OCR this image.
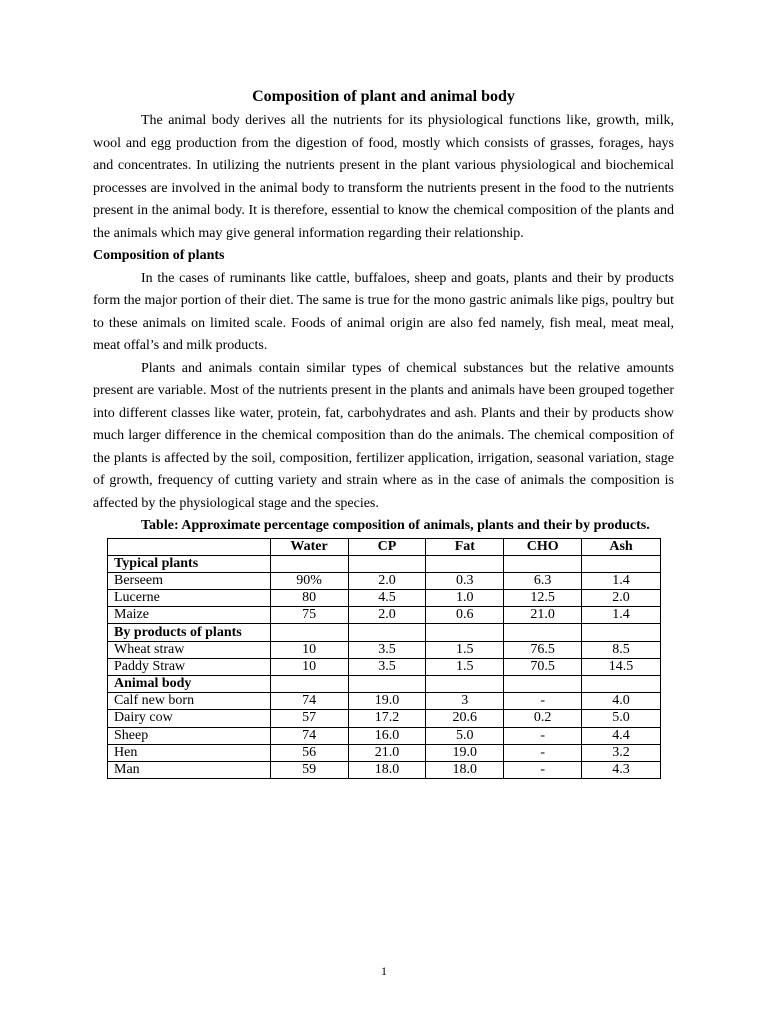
Composition of plant and animal body

The animal body derives all the nutrients for its physiological functions like, growth, milk, wool and egg production from the digestion of food, mostly which consists of grasses, forages, hays and concentrates. In utilizing the nutrients present in the plant various physiological and biochemical processes are involved in the animal body to transform the nutrients present in the food to the nutrients present in the animal body. It is therefore, essential to know the chemical composition of the plants and the animals which may give general information regarding their relationship.

Composition of plants

In the cases of ruminants like cattle, buffaloes, sheep and goats, plants and their by products form the major portion of their diet. The same is true for the mono gastric animals like pigs, poultry but to these animals on limited scale. Foods of animal origin are also fed namely, fish meal, meat meal, meat offal’s and milk products.

Plants and animals contain similar types of chemical substances but the relative amounts present are variable. Most of the nutrients present in the plants and animals have been grouped together into different classes like water, protein, fat, carbohydrates and ash. Plants and their by products show much larger difference in the chemical composition than do the animals. The chemical composition of the plants is affected by the soil, composition, fertilizer application, irrigation, seasonal variation, stage of growth, frequency of cutting variety and strain where as in the case of animals the composition is affected by the physiological stage and the species.

Table: Approximate percentage composition of animals, plants and their by products.

	Water	CP	Fat	CHO	Ash
Typical plants					
Berseem	90%	2.0	0.3	6.3	1.4
Lucerne	80	4.5	1.0	12.5	2.0
Maize	75	2.0	0.6	21.0	1.4
By products of plants					
Wheat straw	10	3.5	1.5	76.5	8.5
Paddy Straw	10	3.5	1.5	70.5	14.5
Animal body					
Calf new born	74	19.0	3	-	4.0
Dairy cow	57	17.2	20.6	0.2	5.0
Sheep	74	16.0	5.0	-	4.4
Hen	56	21.0	19.0	-	3.2
Man	59	18.0	18.0	-	4.3
1
